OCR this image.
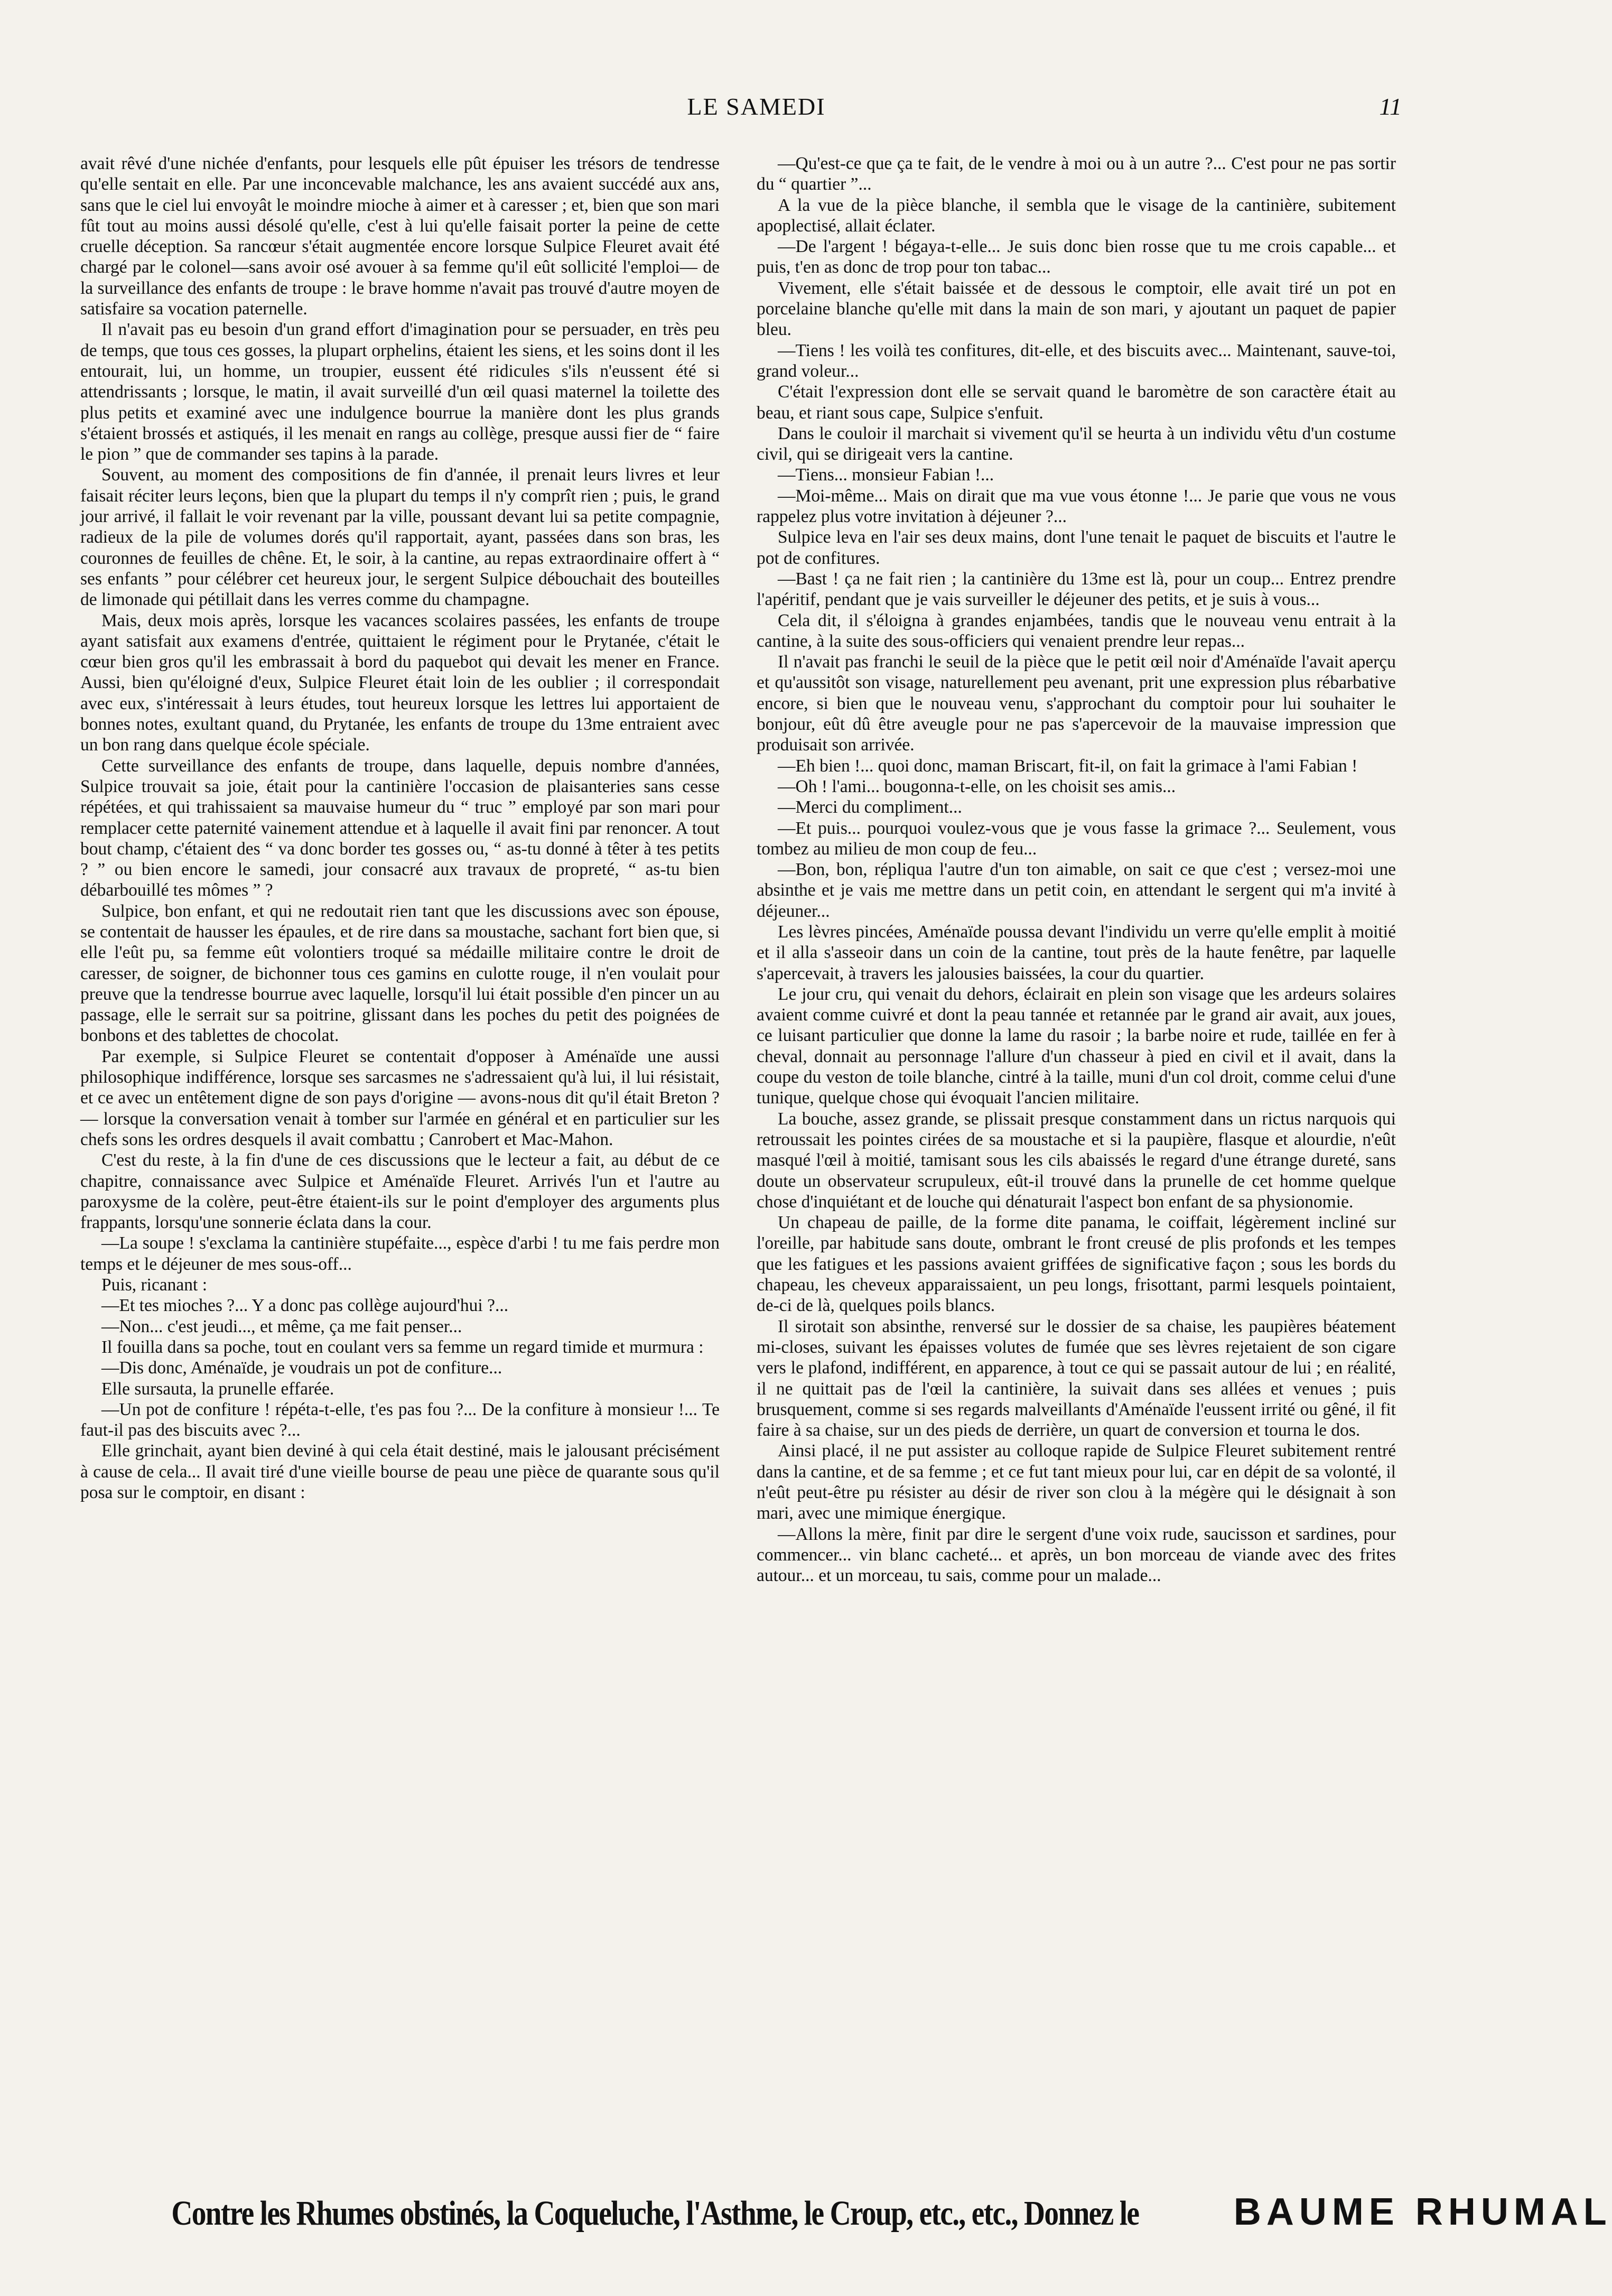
LE SAMEDI	11

avait rêvé d'une nichée d'enfants, pour lesquels elle pût épuiser les trésors de tendresse qu'elle sentait en elle. Par une inconcevable malchance, les ans avaient succédé aux ans, sans que le ciel lui envoyât le moindre mioche à aimer et à caresser ; et, bien que son mari fût tout au moins aussi désolé qu'elle, c'est à lui qu'elle faisait porter la peine de cette cruelle déception. Sa rancœur s'était augmentée encore lorsque Sulpice Fleuret avait été chargé par le colonel—sans avoir osé avouer à sa femme qu'il eût sollicité l'emploi— de la surveillance des enfants de troupe : le brave homme n'avait pas trouvé d'autre moyen de satisfaire sa vocation paternelle.

Il n'avait pas eu besoin d'un grand effort d'imagination pour se persuader, en très peu de temps, que tous ces gosses, la plupart orphelins, étaient les siens, et les soins dont il les entourait, lui, un homme, un troupier, eussent été ridicules s'ils n'eussent été si attendrissants ; lorsque, le matin, il avait surveillé d'un œil quasi maternel la toilette des plus petits et examiné avec une indulgence bourrue la manière dont les plus grands s'étaient brossés et astiqués, il les menait en rangs au collège, presque aussi fier de “ faire le pion ” que de commander ses tapins à la parade.

Souvent, au moment des compositions de fin d'année, il prenait leurs livres et leur faisait réciter leurs leçons, bien que la plupart du temps il n'y comprît rien ; puis, le grand jour arrivé, il fallait le voir revenant par la ville, poussant devant lui sa petite compagnie, radieux de la pile de volumes dorés qu'il rapportait, ayant, passées dans son bras, les couronnes de feuilles de chêne. Et, le soir, à la cantine, au repas extraordinaire offert à “ ses enfants ” pour célébrer cet heureux jour, le sergent Sulpice débouchait des bouteilles de limonade qui pétillait dans les verres comme du champagne.

Mais, deux mois après, lorsque les vacances scolaires passées, les enfants de troupe ayant satisfait aux examens d'entrée, quittaient le régiment pour le Prytanée, c'était le cœur bien gros qu'il les embrassait à bord du paquebot qui devait les mener en France. Aussi, bien qu'éloigné d'eux, Sulpice Fleuret était loin de les oublier ; il correspondait avec eux, s'intéressait à leurs études, tout heureux lorsque les lettres lui apportaient de bonnes notes, exultant quand, du Prytanée, les enfants de troupe du 13me entraient avec un bon rang dans quelque école spéciale.

Cette surveillance des enfants de troupe, dans laquelle, depuis nombre d'années, Sulpice trouvait sa joie, était pour la cantinière l'occasion de plaisanteries sans cesse répétées, et qui trahissaient sa mauvaise humeur du “ truc ” employé par son mari pour remplacer cette paternité vainement attendue et à laquelle il avait fini par renoncer. A tout bout champ, c'étaient des “ va donc border tes gosses ou, “ as-tu donné à têter à tes petits ? ” ou bien encore le samedi, jour consacré aux travaux de propreté, “ as-tu bien débarbouillé tes mômes ” ?

Sulpice, bon enfant, et qui ne redoutait rien tant que les discussions avec son épouse, se contentait de hausser les épaules, et de rire dans sa moustache, sachant fort bien que, si elle l'eût pu, sa femme eût volontiers troqué sa médaille militaire contre le droit de caresser, de soigner, de bichonner tous ces gamins en culotte rouge, il n'en voulait pour preuve que la tendresse bourrue avec laquelle, lorsqu'il lui était possible d'en pincer un au passage, elle le serrait sur sa poitrine, glissant dans les poches du petit des poignées de bonbons et des tablettes de chocolat.

Par exemple, si Sulpice Fleuret se contentait d'opposer à Aménaïde une aussi philosophique indifférence, lorsque ses sarcasmes ne s'adressaient qu'à lui, il lui résistait, et ce avec un entêtement digne de son pays d'origine — avons-nous dit qu'il était Breton ? — lorsque la conversation venait à tomber sur l'armée en général et en particulier sur les chefs sons les ordres desquels il avait combattu ; Canrobert et Mac-Mahon.

C'est du reste, à la fin d'une de ces discussions que le lecteur a fait, au début de ce chapitre, connaissance avec Sulpice et Aménaïde Fleuret. Arrivés l'un et l'autre au paroxysme de la colère, peut-être étaient-ils sur le point d'employer des arguments plus frappants, lorsqu'une sonnerie éclata dans la cour.

—La soupe ! s'exclama la cantinière stupéfaite..., espèce d'arbi ! tu me fais perdre mon temps et le déjeuner de mes sous-off...

Puis, ricanant :

—Et tes mioches ?... Y a donc pas collège aujourd'hui ?...

—Non... c'est jeudi..., et même, ça me fait penser...

Il fouilla dans sa poche, tout en coulant vers sa femme un regard timide et murmura :

—Dis donc, Aménaïde, je voudrais un pot de confiture...

Elle sursauta, la prunelle effarée.

—Un pot de confiture ! répéta-t-elle, t'es pas fou ?... De la confiture à monsieur !... Te faut-il pas des biscuits avec ?...

Elle grinchait, ayant bien deviné à qui cela était destiné, mais le jalousant précisément à cause de cela... Il avait tiré d'une vieille bourse de peau une pièce de quarante sous qu'il posa sur le comptoir, en disant :

—Qu'est-ce que ça te fait, de le vendre à moi ou à un autre ?... C'est pour ne pas sortir du “ quartier ”...

A la vue de la pièce blanche, il sembla que le visage de la cantinière, subitement apoplectisé, allait éclater.

—De l'argent ! bégaya-t-elle... Je suis donc bien rosse que tu me crois capable... et puis, t'en as donc de trop pour ton tabac...

Vivement, elle s'était baissée et de dessous le comptoir, elle avait tiré un pot en porcelaine blanche qu'elle mit dans la main de son mari, y ajoutant un paquet de papier bleu.

—Tiens ! les voilà tes confitures, dit-elle, et des biscuits avec... Maintenant, sauve-toi, grand voleur...

C'était l'expression dont elle se servait quand le baromètre de son caractère était au beau, et riant sous cape, Sulpice s'enfuit.

Dans le couloir il marchait si vivement qu'il se heurta à un individu vêtu d'un costume civil, qui se dirigeait vers la cantine.

—Tiens... monsieur Fabian !...

—Moi-même... Mais on dirait que ma vue vous étonne !... Je parie que vous ne vous rappelez plus votre invitation à déjeuner ?...

Sulpice leva en l'air ses deux mains, dont l'une tenait le paquet de biscuits et l'autre le pot de confitures.

—Bast ! ça ne fait rien ; la cantinière du 13me est là, pour un coup... Entrez prendre l'apéritif, pendant que je vais surveiller le déjeuner des petits, et je suis à vous...

Cela dit, il s'éloigna à grandes enjambées, tandis que le nouveau venu entrait à la cantine, à la suite des sous-officiers qui venaient prendre leur repas...

Il n'avait pas franchi le seuil de la pièce que le petit œil noir d'Aménaïde l'avait aperçu et qu'aussitôt son visage, naturellement peu avenant, prit une expression plus rébarbative encore, si bien que le nouveau venu, s'approchant du comptoir pour lui souhaiter le bonjour, eût dû être aveugle pour ne pas s'apercevoir de la mauvaise impression que produisait son arrivée.

—Eh bien !... quoi donc, maman Briscart, fit-il, on fait la grimace à l'ami Fabian !

—Oh ! l'ami... bougonna-t-elle, on les choisit ses amis...

—Merci du compliment...

—Et puis... pourquoi voulez-vous que je vous fasse la grimace ?... Seulement, vous tombez au milieu de mon coup de feu...

—Bon, bon, répliqua l'autre d'un ton aimable, on sait ce que c'est ; versez-moi une absinthe et je vais me mettre dans un petit coin, en attendant le sergent qui m'a invité à déjeuner...

Les lèvres pincées, Aménaïde poussa devant l'individu un verre qu'elle emplit à moitié et il alla s'asseoir dans un coin de la cantine, tout près de la haute fenêtre, par laquelle s'apercevait, à travers les jalousies baissées, la cour du quartier.

Le jour cru, qui venait du dehors, éclairait en plein son visage que les ardeurs solaires avaient comme cuivré et dont la peau tannée et retannée par le grand air avait, aux joues, ce luisant particulier que donne la lame du rasoir ; la barbe noire et rude, taillée en fer à cheval, donnait au personnage l'allure d'un chasseur à pied en civil et il avait, dans la coupe du veston de toile blanche, cintré à la taille, muni d'un col droit, comme celui d'une tunique, quelque chose qui évoquait l'ancien militaire.

La bouche, assez grande, se plissait presque constamment dans un rictus narquois qui retroussait les pointes cirées de sa moustache et si la paupière, flasque et alourdie, n'eût masqué l'œil à moitié, tamisant sous les cils abaissés le regard d'une étrange dureté, sans doute un observateur scrupuleux, eût-il trouvé dans la prunelle de cet homme quelque chose d'inquiétant et de louche qui dénaturait l'aspect bon enfant de sa physionomie.

Un chapeau de paille, de la forme dite panama, le coiffait, légèrement incliné sur l'oreille, par habitude sans doute, ombrant le front creusé de plis profonds et les tempes que les fatigues et les passions avaient griffées de significative façon ; sous les bords du chapeau, les cheveux apparaissaient, un peu longs, frisottant, parmi lesquels pointaient, de-ci de là, quelques poils blancs.

Il sirotait son absinthe, renversé sur le dossier de sa chaise, les paupières béatement mi-closes, suivant les épaisses volutes de fumée que ses lèvres rejetaient de son cigare vers le plafond, indifférent, en apparence, à tout ce qui se passait autour de lui ; en réalité, il ne quittait pas de l'œil la cantinière, la suivait dans ses allées et venues ; puis brusquement, comme si ses regards malveillants d'Aménaïde l'eussent irrité ou gêné, il fit faire à sa chaise, sur un des pieds de derrière, un quart de conversion et tourna le dos.

Ainsi placé, il ne put assister au colloque rapide de Sulpice Fleuret subitement rentré dans la cantine, et de sa femme ; et ce fut tant mieux pour lui, car en dépit de sa volonté, il n'eût peut-être pu résister au désir de river son clou à la mégère qui le désignait à son mari, avec une mimique énergique.

—Allons la mère, finit par dire le sergent d'une voix rude, saucisson et sardines, pour commencer... vin blanc cacheté... et après, un bon morceau de viande avec des frites autour... et un morceau, tu sais, comme pour un malade...

Contre les Rhumes obstinés, la Coqueluche, l'Asthme, le Croup, etc., etc., Donnez le BAUME RHUMAL
